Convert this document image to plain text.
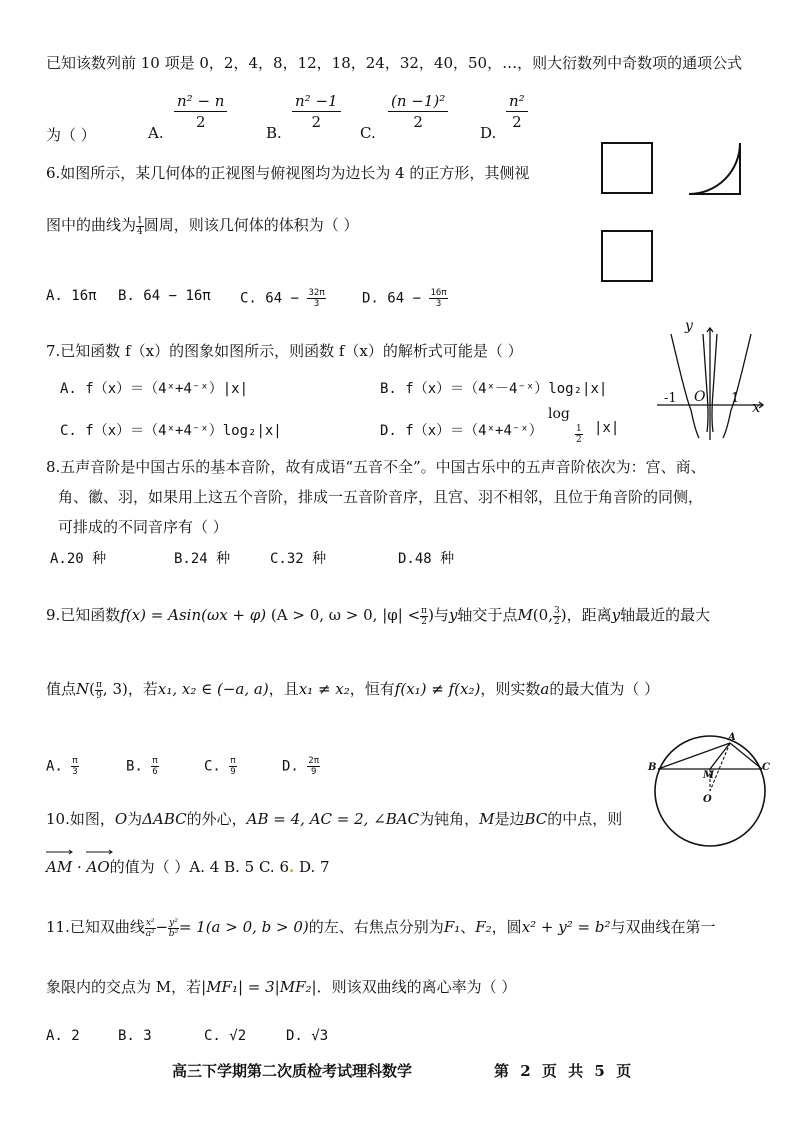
已知该数列前 10 项是 0，2，4，8，12，18，24，32，40，50，…，则大衍数列中奇数项的通项公式
为（ ）	A.
$\frac{\text{n² − n}}{2}$
B.
$\frac{\text{n² −1}}{2}$
C.
$\frac{\text{(n −1)²}}{2}$
D.
$\frac{\text{n²}}{2}$
6.如图所示，某几何体的正视图与俯视图均为边长为 4 的正方形，其侧视
图中的曲线为 $\frac{1}{4}$ 圆周，则该几何体的体积为（ ）
A. 16π B. 64 − 16π C. $64 - \frac{32\pi}{3}$	D. $64 - \frac{16\pi}{3}$
7.已知函数 f（x）的图象如图所示，则函数 f（x）的解析式可能是（ ）
A. f（x）＝（4ˣ+4⁻ˣ）|x|	B. f（x）＝（4ˣ－4⁻ˣ）log₂|x|
C. f（x）＝（4ˣ+4⁻ˣ）log₂|x|	D. f（x）＝（4ˣ+4⁻ˣ）
log
$\frac{1}{2} |x|$
y
x
O
-1	1
8.五声音阶是中国古乐的基本音阶，故有成语“五音不全”。中国古乐中的五声音阶依次为：宫、商、
角、徽、羽，如果用上这五个音阶，排成一五音阶音序，且宫、羽不相邻，且位于角音阶的同侧，
可排成的不同音序有（ ）
A.20 种	B.24 种	C.32 种	D.48 种
9.已知函数f(x) = Asin(ωx + φ) (A > 0, ω > 0, $|\varphi| < \frac{\pi}{2}$ )与y轴交于点M(0, $\frac{3}{2}$ )，距离y轴最近的最大
值点$N( \frac{\pi}{9}$ , 3)，若x₁, x₂ ∈ (−a, a)，且x₁ ≠ x₂，恒有f(x₁) ≠ f(x₂)，则实数a的最大值为（ ）
A. $\frac{\pi}{3}$	B. $\frac{\pi}{6}$	C. $\frac{\pi}{9}$	D. $\frac{2\pi}{9}$
A
B	C
M
O
10.如图，O为ΔABC的外心，AB = 4, AC = 2, ∠BAC为钝角，M是边BC的中点，则
AM · AO的值为（ ）A. 4 B. 5 C. 6. D. 7
11.已知双曲线 $\frac{\text{x²}}{\text{a²}} - \frac{\text{y²}}{\text{b²}} = 1(a > 0$, b > 0)的左、右焦点分别为F₁、F₂，圆x² + y² = b²与双曲线在第一
象限内的交点为 M，若|MF₁| = 3|MF₂|．则该双曲线的离心率为（ ）
A. 2	B. 3	C. √2	D. √3
高三下学期第二次质检考试理科数学	第 2 页 共 5 页
